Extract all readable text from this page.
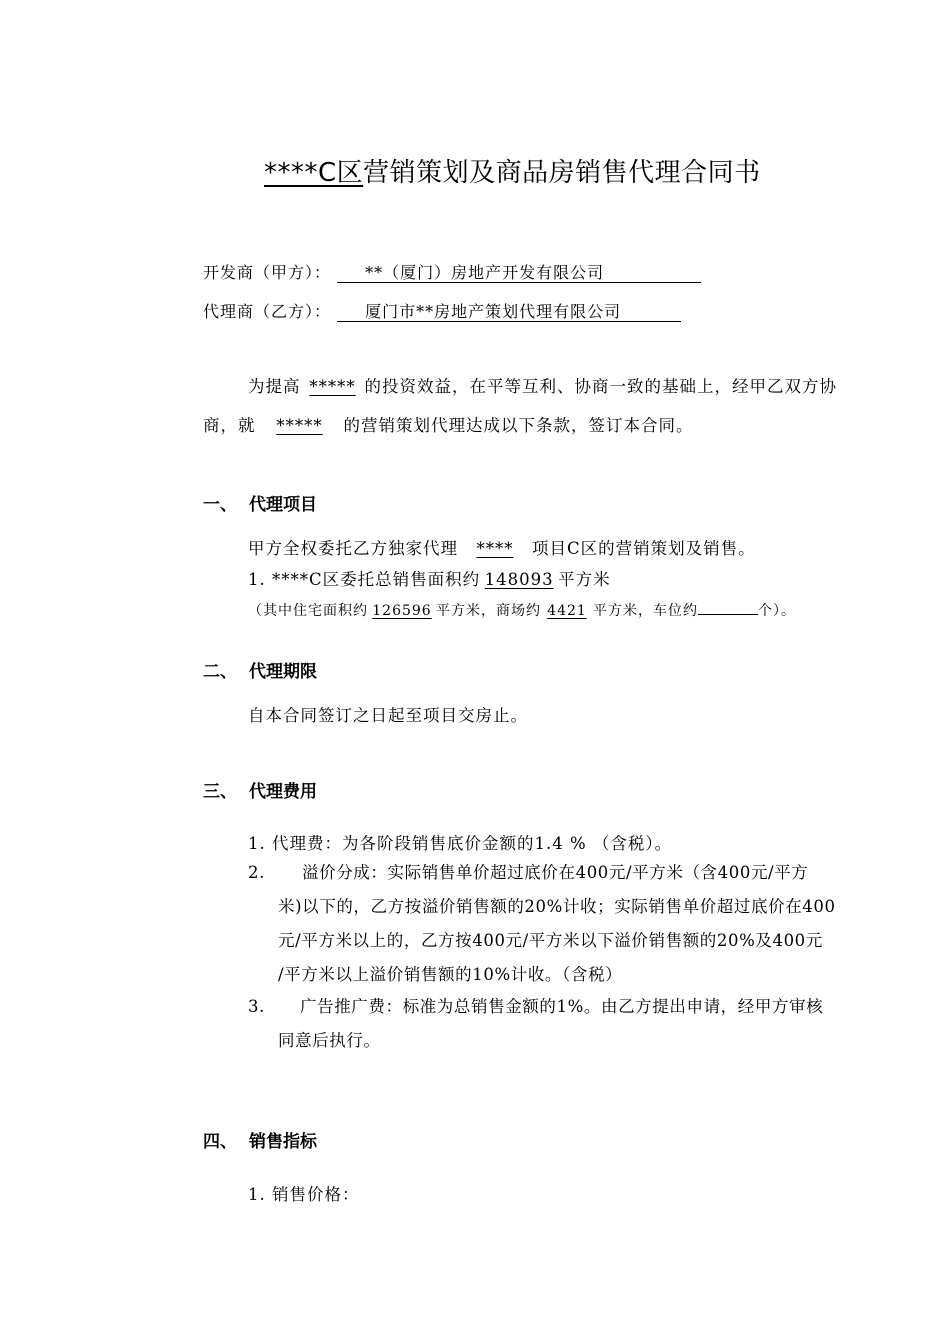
****C区营销策划及商品房销售代理合同书
开发商（甲方）： **（厦门）房地产开发有限公司
代理商（乙方）： 厦门市**房地产策划代理有限公司
为提高 ***** 的投资效益，在平等互利、协商一致的基础上，经甲乙双方协
商，就 ***** 的营销策划代理达成以下条款，签订本合同。
一、 代理项目
甲方全权委托乙方独家代理 **** 项目C区的营销策划及销售。
1. ****C区委托总销售面积约 148093 平方米
（其中住宅面积约 126596 平方米，商场约 4421 平方米，车位约	个）。
二、 代理期限
自本合同签订之日起至项目交房止。
三、 代理费用
1. 代理费：为各阶段销售底价金额的1.4 % （含税）。
2. 溢价分成：实际销售单价超过底价在400元/平方米（含400元/平方
米)以下的，乙方按溢价销售额的20%计收；实际销售单价超过底价在400
元/平方米以上的，乙方按400元/平方米以下溢价销售额的20%及400元
/平方米以上溢价销售额的10%计收。（含税）
3. 广告推广费：标准为总销售金额的1%。由乙方提出申请，经甲方审核
同意后执行。
四、 销售指标
1. 销售价格：
